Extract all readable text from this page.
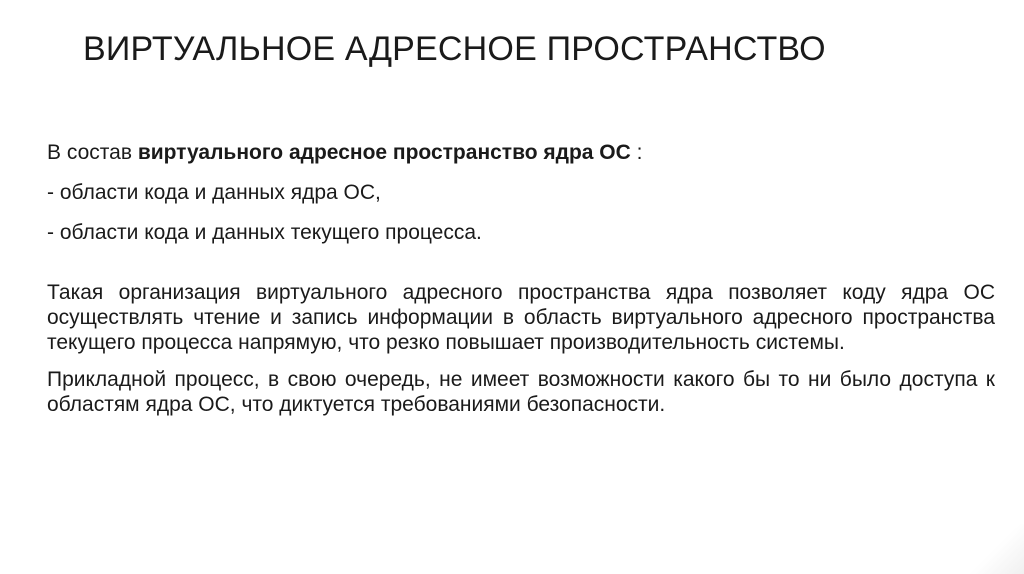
ВИРТУАЛЬНОЕ АДРЕСНОЕ ПРОСТРАНСТВО

В состав виртуального адресное пространство ядра ОС :

- области кода и данных ядра ОС,

- области кода и данных текущего процесса.

Такая организация виртуального адресного пространства ядра позволяет коду ядра ОС осуществлять чтение и запись информации в область виртуального адресного пространства текущего процесса напрямую, что резко повышает производительность системы.

Прикладной процесс, в свою очередь, не имеет возможности какого бы то ни было доступа к областям ядра ОС, что диктуется требованиями безопасности.
